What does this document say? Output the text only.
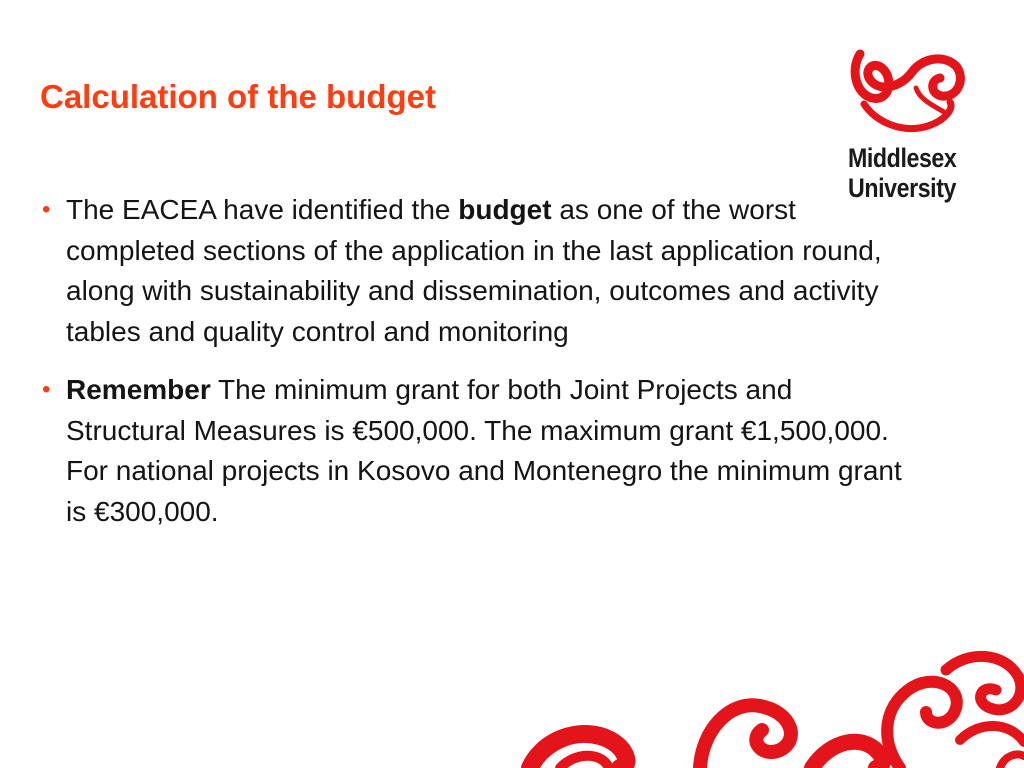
Calculation of the budget
• The EACEA have identified the budget as one of the worst completed sections of the application in the last application round, along with sustainability and dissemination, outcomes and activity tables and quality control and monitoring
• Remember The minimum grant for both Joint Projects and Structural Measures is €500,000. The maximum grant €1,500,000. For national projects in Kosovo and Montenegro the minimum grant is €300,000.
Middlesex
University
